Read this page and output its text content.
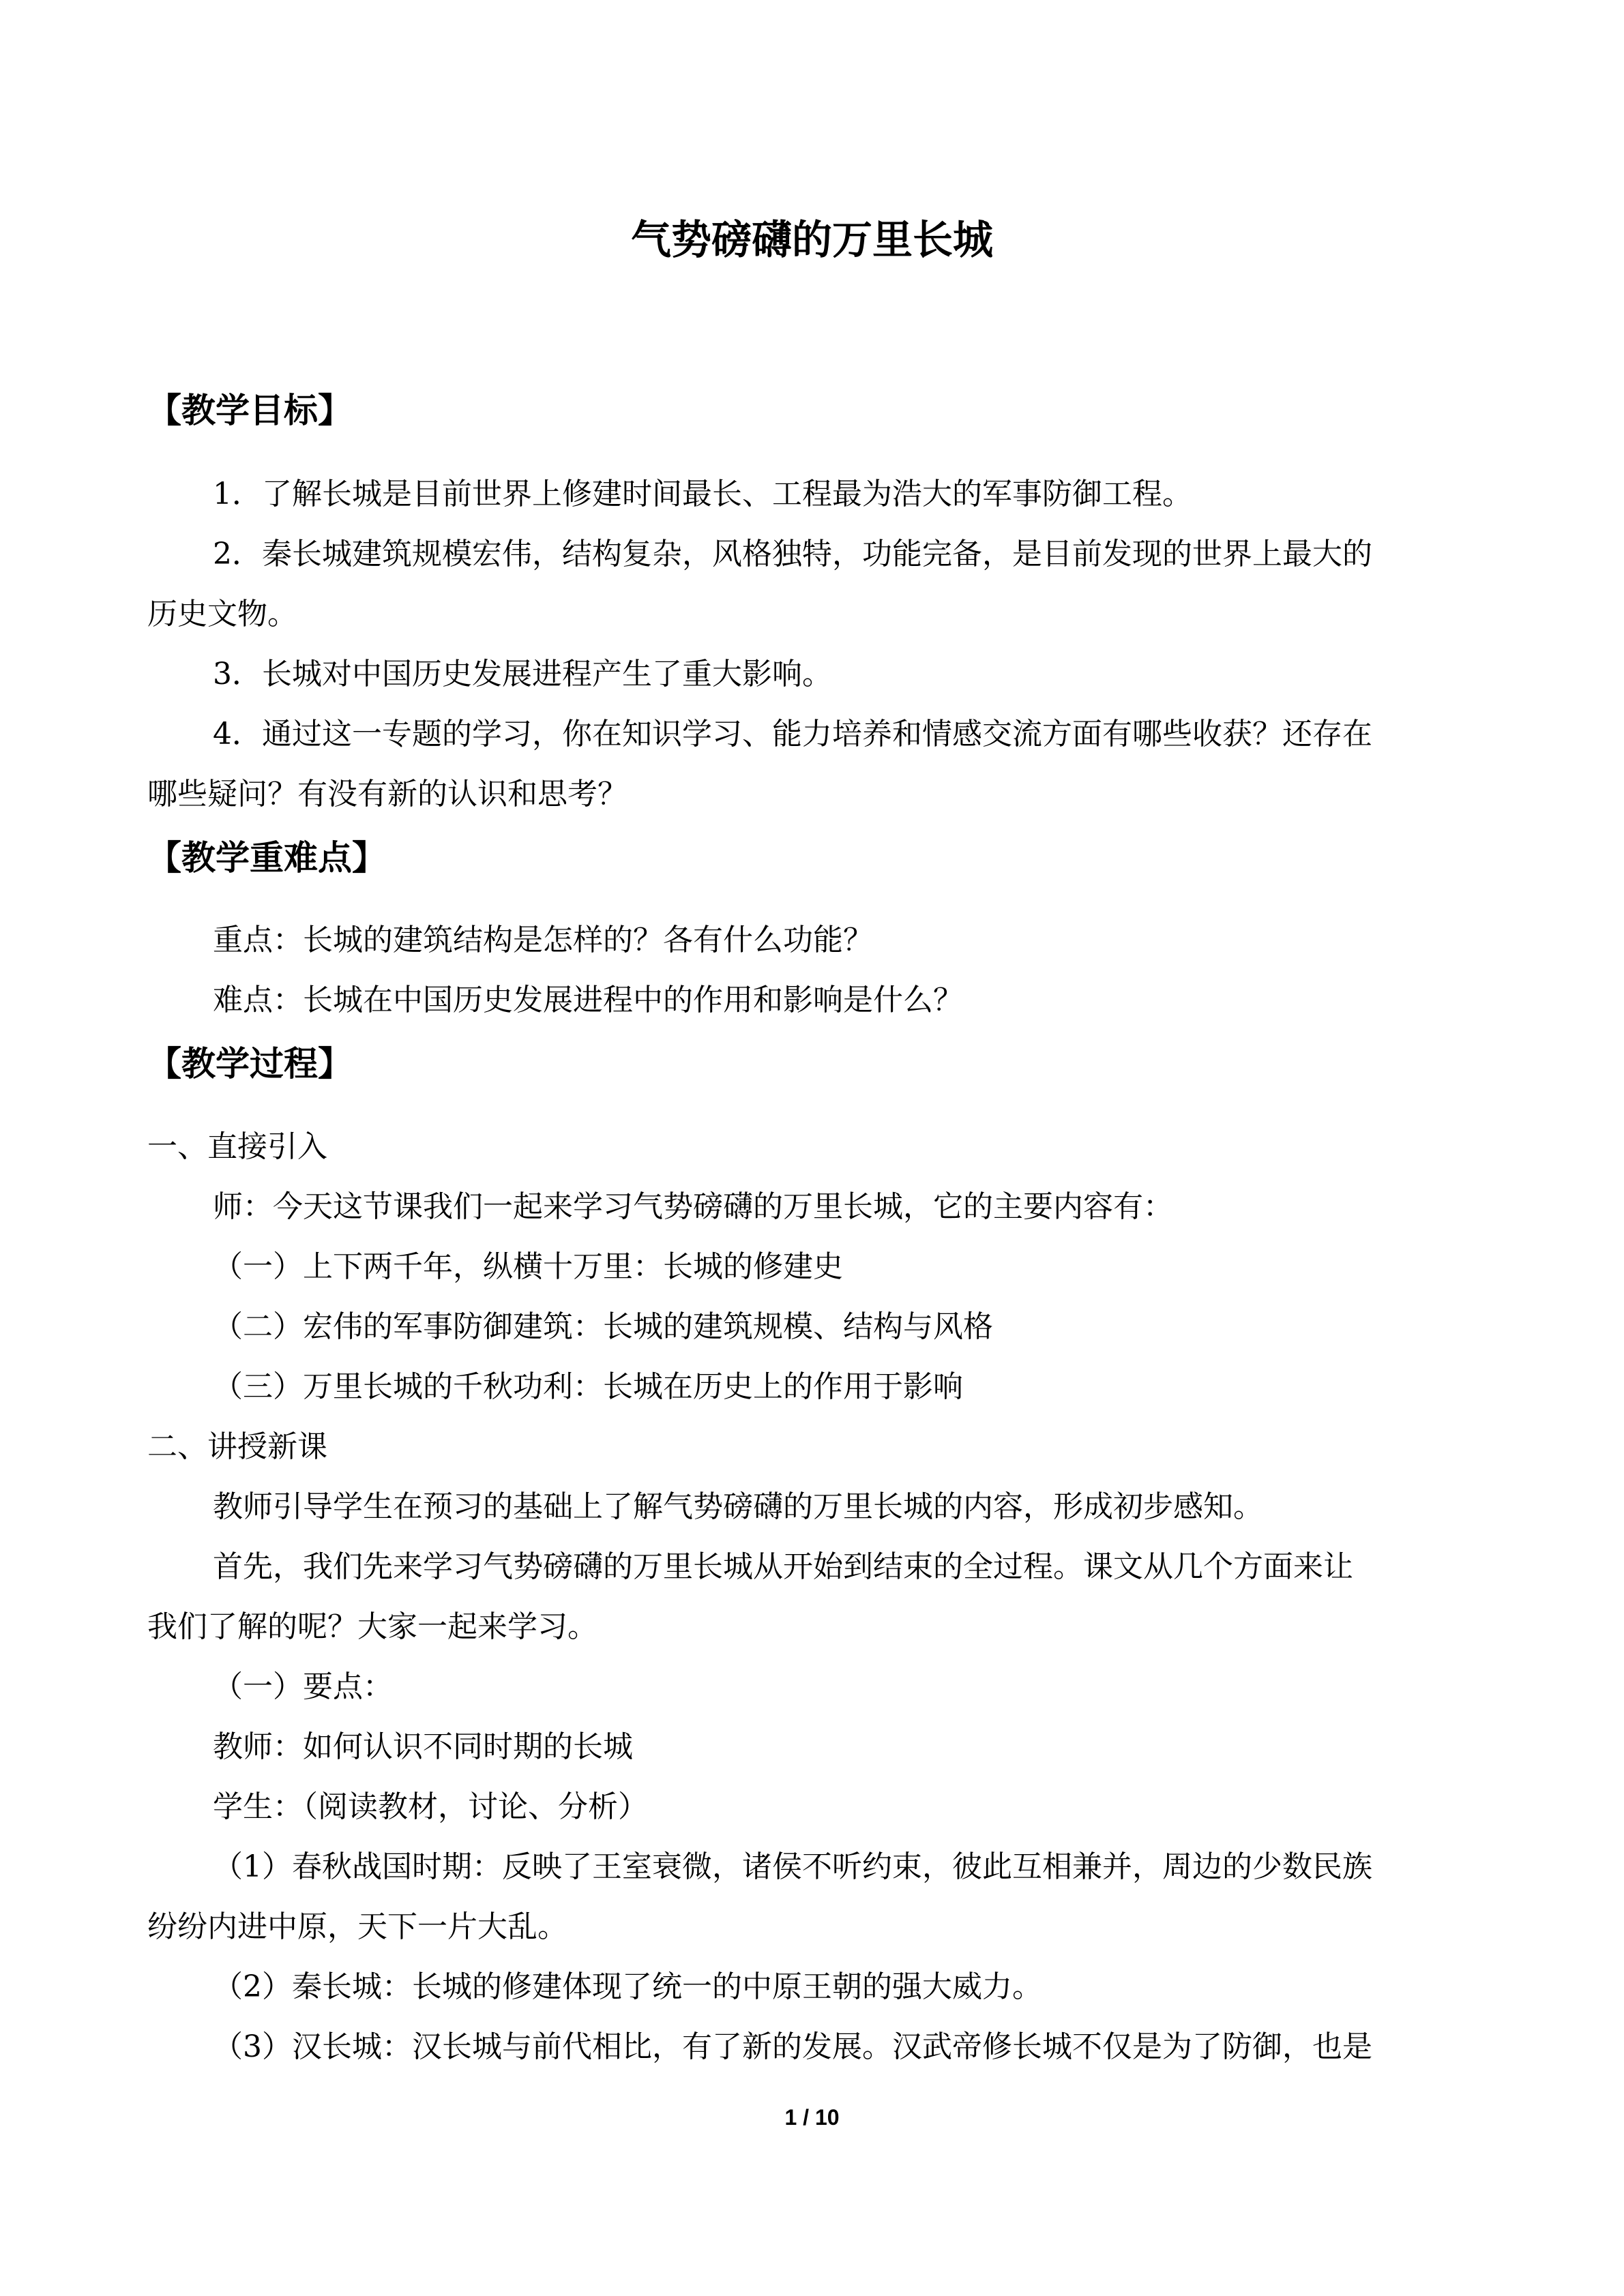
气势磅礴的万里长城
【教学目标】
1．了解长城是目前世界上修建时间最长、工程最为浩大的军事防御工程。
2．秦长城建筑规模宏伟，结构复杂，风格独特，功能完备，是目前发现的世界上最大的
历史文物。
3．长城对中国历史发展进程产生了重大影响。
4．通过这一专题的学习，你在知识学习、能力培养和情感交流方面有哪些收获？还存在
哪些疑问？有没有新的认识和思考？
【教学重难点】
重点：长城的建筑结构是怎样的？各有什么功能？
难点：长城在中国历史发展进程中的作用和影响是什么？
【教学过程】
一、直接引入
师：今天这节课我们一起来学习气势磅礴的万里长城，它的主要内容有：
（一）上下两千年，纵横十万里：长城的修建史
（二）宏伟的军事防御建筑：长城的建筑规模、结构与风格
（三）万里长城的千秋功利：长城在历史上的作用于影响
二、讲授新课
教师引导学生在预习的基础上了解气势磅礴的万里长城的内容，形成初步感知。
首先，我们先来学习气势磅礴的万里长城从开始到结束的全过程。课文从几个方面来让
我们了解的呢？大家一起来学习。
（一）要点：
教师：如何认识不同时期的长城
学生：（阅读教材，讨论、分析）
（1）春秋战国时期：反映了王室衰微，诸侯不听约束，彼此互相兼并，周边的少数民族
纷纷内进中原，天下一片大乱。
（2）秦长城：长城的修建体现了统一的中原王朝的强大威力。
（3）汉长城：汉长城与前代相比，有了新的发展。汉武帝修长城不仅是为了防御，也是
1 / 10
